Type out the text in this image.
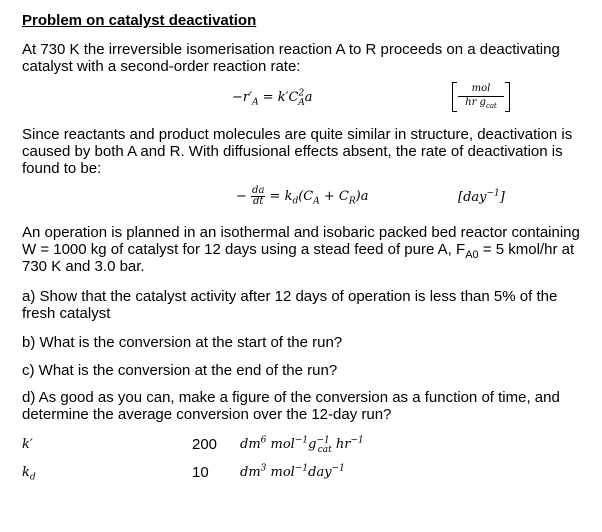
Problem on catalyst deactivation
At 730 K the irreversible isomerisation reaction A to R proceeds on a deactivating catalyst with a second-order reaction rate:
$-r'_A = k'C^2_Aa$
mol
hr $g_{cat}$
Since reactants and product molecules are quite similar in structure, deactivation is caused by both A and R. With diffusional effects absent, the rate of deactivation is found to be:
− $\frac{da}{dt} = k_d(C_A + C_R)a$	[day$^{-1}$]
An operation is planned in an isothermal and isobaric packed bed reactor containing W = 1000 kg of catalyst for 12 days using a stead feed of pure A, $F_{A0} = 5$ kmol/hr at 730 K and 3.0 bar.
a) Show that the catalyst activity after 12 days of operation is less than 5% of the fresh catalyst
b) What is the conversion at the start of the run?
c) What is the conversion at the end of the run?
d) As good as you can, make a figure of the conversion as a function of time, and determine the average conversion over the 12-day run?
k′	200 $dm^6$ $mol^{-1}g^{-1}_{cat}$ $hr^{-1}$
$k_d$	10 $dm^3$ mol$^{-1}$day$^{-1}$
